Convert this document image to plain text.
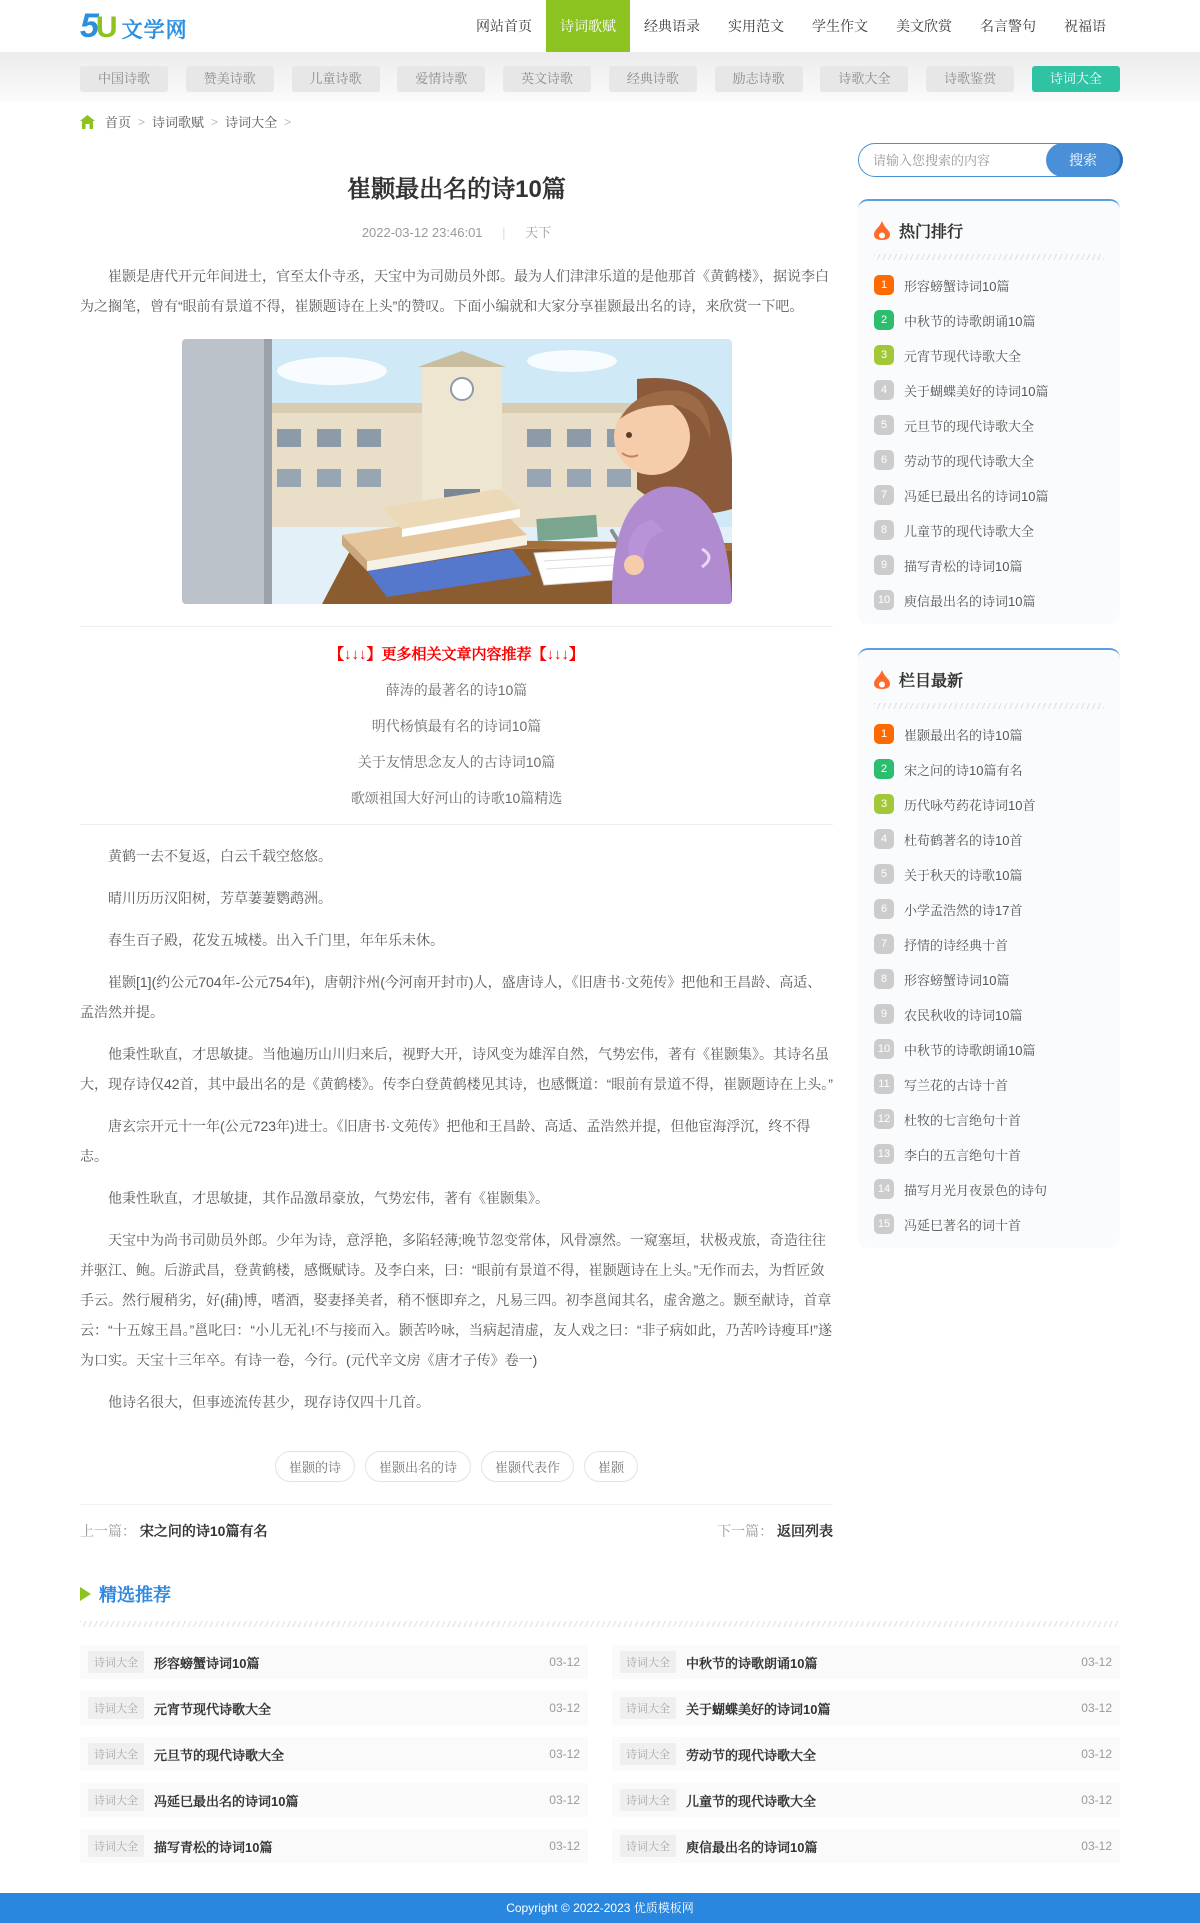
5
U 文学网	网站首页	诗词歌赋	经典语录	实用范文	学生作文	美文欣赏	名言警句	祝福语
中国诗歌	赞美诗歌	儿童诗歌	爱情诗歌	英文诗歌	经典诗歌	励志诗歌	诗歌大全	诗歌鉴赏	诗词大全
首页 > 诗词歌赋 > 诗词大全 >
崔颢最出名的诗10篇
2022-03-12 23:46:01 | 天下

崔颢是唐代开元年间进士，官至太仆寺丞，天宝中为司勋员外郎。最为人们津津乐道的是他那首《黄鹤楼》，据说李白为之搁笔，曾有“眼前有景道不得，崔颢题诗在上头”的赞叹。下面小编就和大家分享崔颢最出名的诗，来欣赏一下吧。

【↓↓↓】更多相关文章内容推荐【↓↓↓】

薛涛的最著名的诗10篇

明代杨慎最有名的诗词10篇

关于友情思念友人的古诗词10篇

歌颂祖国大好河山的诗歌10篇精选

黄鹤一去不复返，白云千载空悠悠。

晴川历历汉阳树，芳草萋萋鹦鹉洲。

春生百子殿，花发五城楼。出入千门里，年年乐未休。

崔颢[1](约公元704年-公元754年)，唐朝汴州(今河南开封市)人，盛唐诗人，《旧唐书·文苑传》把他和王昌龄、高适、孟浩然并提。

他秉性耿直，才思敏捷。当他遍历山川归来后，视野大开，诗风变为雄浑自然，气势宏伟，著有《崔颢集》。其诗名虽大，现存诗仅42首，其中最出名的是《黄鹤楼》。传李白登黄鹤楼见其诗，也感慨道：“眼前有景道不得，崔颢题诗在上头。”

唐玄宗开元十一年(公元723年)进士。《旧唐书·文苑传》把他和王昌龄、高适、孟浩然并提，但他宦海浮沉，终不得志。

他秉性耿直，才思敏捷，其作品激昂豪放，气势宏伟，著有《崔颢集》。

天宝中为尚书司勋员外郎。少年为诗，意浮艳，多陷轻薄;晚节忽变常体，风骨凛然。一窥塞垣，状极戎旅，奇造往往并驱江、鲍。后游武昌，登黄鹤楼，感慨赋诗。及李白来，曰：“眼前有景道不得，崔颢题诗在上头。”无作而去，为哲匠敛手云。然行履稍劣，好(蒱)博，嗜酒，娶妻择美者，稍不惬即弃之，凡易三四。初李邕闻其名，虚舍邀之。颢至献诗，首章云：“十五嫁王昌。”邕叱曰：“小儿无礼!不与接而入。颢苦吟咏，当病起清虚，友人戏之曰：“非子病如此，乃苦吟诗瘦耳!”遂为口实。天宝十三年卒。有诗一卷，今行。(元代辛文房《唐才子传》卷一)

他诗名很大，但事迹流传甚少，现存诗仅四十几首。

崔颢的诗	崔颢出名的诗	崔颢代表作	崔颢
上一篇： 宋之问的诗10篇有名	下一篇： 返回列表
请输入您搜索的内容
搜索
热门排行
1	形容螃蟹诗词10篇
2	中秋节的诗歌朗诵10篇
3	元宵节现代诗歌大全
4	关于蝴蝶美好的诗词10篇
5	元旦节的现代诗歌大全
6	劳动节的现代诗歌大全
7	冯延巳最出名的诗词10篇
8	儿童节的现代诗歌大全
9	描写青松的诗词10篇
10 庾信最出名的诗词10篇
栏目最新
1	崔颢最出名的诗10篇
2	宋之问的诗10篇有名
3	历代咏芍药花诗词10首
4	杜荀鹤著名的诗10首
5	关于秋天的诗歌10篇
6	小学孟浩然的诗17首
7	抒情的诗经典十首
8	形容螃蟹诗词10篇
9	农民秋收的诗词10篇
10 中秋节的诗歌朗诵10篇
11	写兰花的古诗十首
12 杜牧的七言绝句十首
13 李白的五言绝句十首
14 描写月光月夜景色的诗句
15 冯延巳著名的词十首
精选推荐
诗词大全	形容螃蟹诗词10篇	03-12	诗词大全	中秋节的诗歌朗诵10篇	03-12
诗词大全	元宵节现代诗歌大全	03-12	诗词大全	关于蝴蝶美好的诗词10篇	03-12
诗词大全	元旦节的现代诗歌大全	03-12	诗词大全	劳动节的现代诗歌大全	03-12
诗词大全	冯延巳最出名的诗词10篇	03-12	诗词大全	儿童节的现代诗歌大全	03-12
诗词大全	描写青松的诗词10篇	03-12	诗词大全	庾信最出名的诗词10篇	03-12
Copyright © 2022-2023 优质模板网
